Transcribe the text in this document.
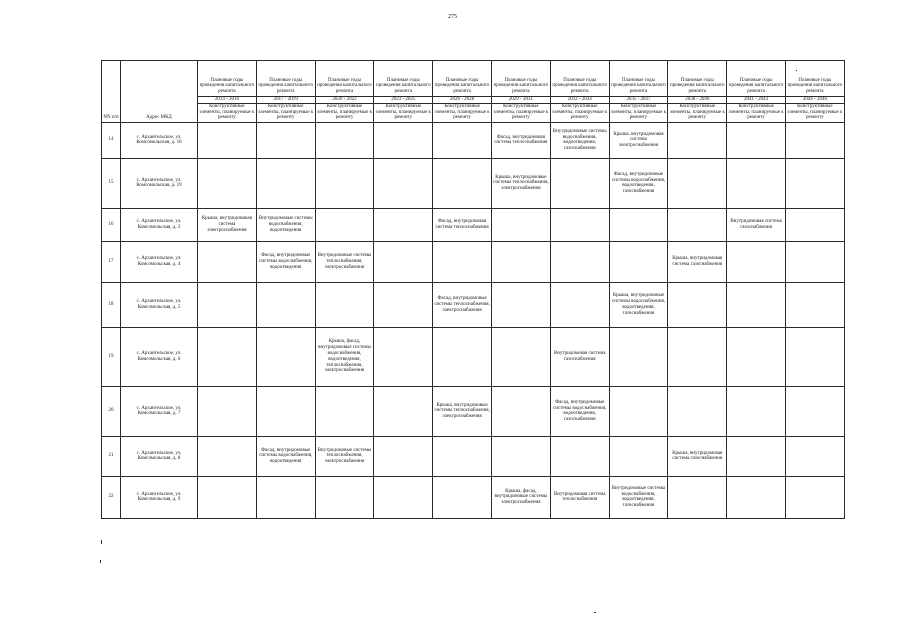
275
NN п/п	Адрес МКД	Плановые годы проведения капитального ремонта	Плановые годы проведения капитального ремонта	Плановые годы проведения капитального ремонта	Плановые годы проведения капитального ремонта	Плановые годы проведения капитального ремонта	Плановые годы проведения капитального ремонта	Плановые годы проведения капитального ремонта	Плановые годы проведения капитального ремонта	Плановые годы проведения капитального ремонта	Плановые годы проведения капитального ремонта	Плановые годы проведения капитального ремонта
		2014 - 2016	2017 - 2019	2020 - 2022	2023 - 2025	2026 - 2028	2029 - 2031	2032 - 2034	2035 - 2037	2038 - 2040	2041 - 2043	2044 - 2046
		Конструктивные элементы, планируемые к ремонту	Конструктивные элементы, планируемые к ремонту	Конструктивные элементы, планируемые к ремонту	Конструктивные элементы, планируемые к ремонту	Конструктивные элементы, планируемые к ремонту	Конструктивные элементы, планируемые к ремонту	Конструктивные элементы, планируемые к ремонту	Конструктивные элементы, планируемые к ремонту	Конструктивные элементы, планируемые к ремонту	Конструктивные элементы, планируемые к ремонту	Конструктивные элементы, планируемые к ремонту
14	с. Архангельское, ул. Комсомольская, д. 18						Фасад, внутридомовая система теплоснабжения	Внутридомовые системы водоснабжения, водоотведения, газоснабжения	Крыша, внутридомовая система электроснабжения			
15	с. Архангельское, ул. Комсомольская, д. 19						Крыша, внутридомовые системы теплоснабжения, электроснабжения		Фасад, внутридомовые системы водоснабжения, водоотведения, газоснабжения			
16	с. Архангельское, ул. Комсомольская, д. 2	Крыша, внутридомовая система электроснабжения	Внутридомовые системы водоснабжения, водоотведения			Фасад, внутридомовая система теплоснабжения					Внутридомовая система газоснабжения	
17	с. Архангельское, ул. Комсомольская, д. 4		Фасад, внутридомовые системы водоснабжения, водоотведения	Внутридомовые системы теплоснабжения, электроснабжения						Крыша, внутридомовая система газоснабжения		
18	с. Архангельское, ул. Комсомольская, д. 5					Фасад, внутридомовые системы теплоснабжения, электроснабжения			Крыша, внутридомовые системы водоснабжения, водоотведения, газоснабжения			
19	с. Архангельское, ул. Комсомольская, д. 6			Крыша, фасад, внутридомовые системы водоснабжения, водоотведения, теплоснабжения, электроснабжения				Внутридомовая система газоснабжения				
20	с. Архангельское, ул. Комсомольская, д. 7					Крыша, внутридомовые системы теплоснабжения, электроснабжения		Фасад, внутридомовые системы водоснабжения, водоотведения, газоснабжения				
21	с. Архангельское, ул. Комсомольская, д. 8		Фасад, внутридомовые системы водоснабжения, водоотведения	Внутридомовые системы теплоснабжения, электроснабжения						Крыша, внутридомовая система газоснабжения		
22	с. Архангельское, ул. Комсомольская, д. 9						Крыша, фасад, внутридомовые системы электроснабжения	Внутридомовая система теплоснабжения	Внутридомовые системы водоснабжения, водоотведения, газоснабжения			
